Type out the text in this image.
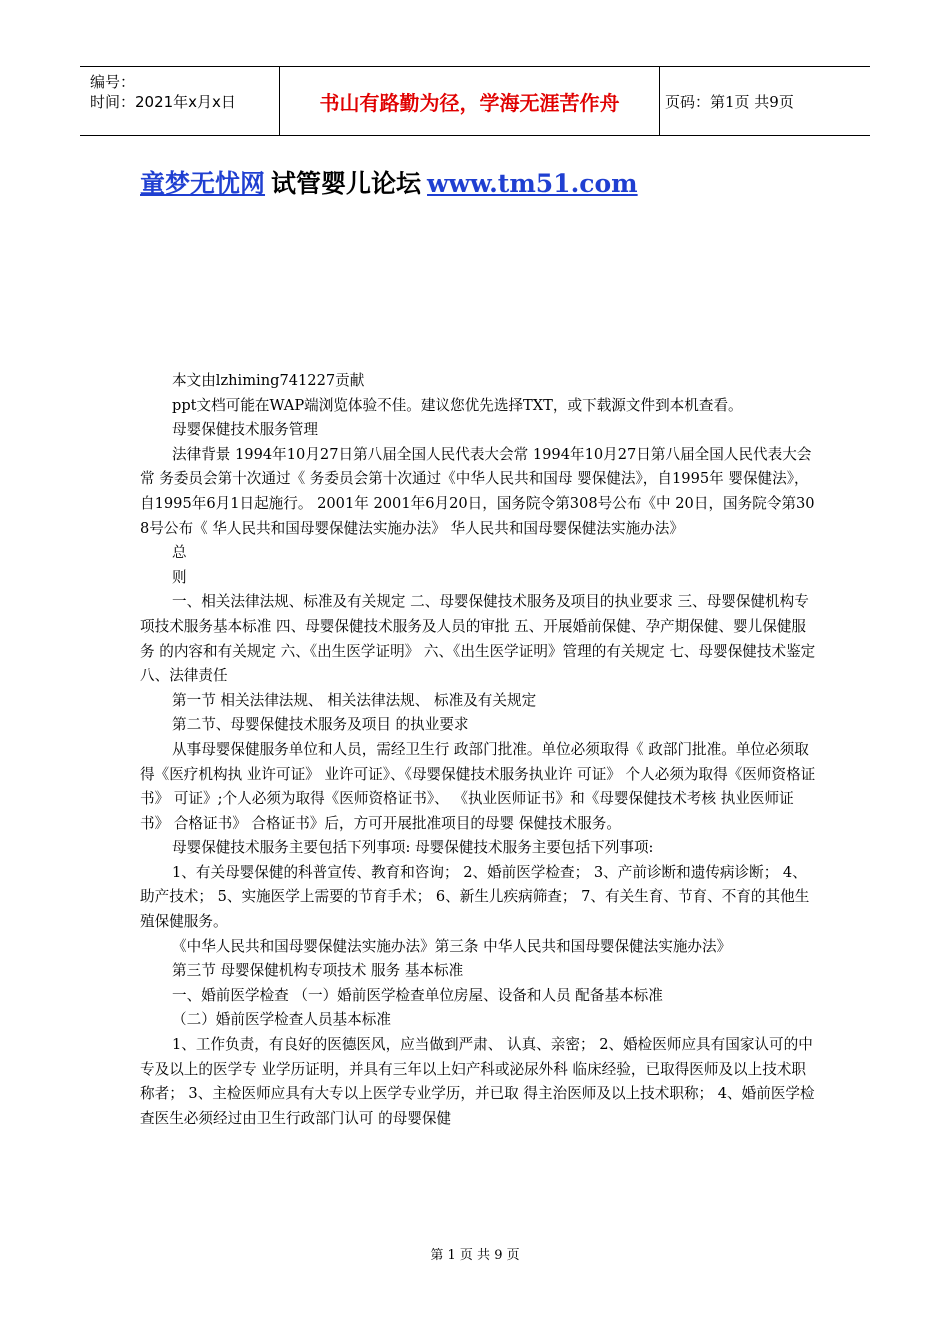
编号：
时间：2021年x月x日	书山有路勤为径，学海无涯苦作舟	页码：第1页 共9页
童梦无忧网 试管婴儿论坛 www.tm51.com

本文由lzhiming741227贡献

ppt文档可能在WAP端浏览体验不佳。建议您优先选择TXT，或下载源文件到本机查看。

母婴保健技术服务管理

法律背景 1994年10月27日第八届全国人民代表大会常 1994年10月27日第八届全国人民代表大会常 务委员会第十次通过《 务委员会第十次通过《中华人民共和国母 婴保健法》，自1995年 婴保健法》，自1995年6月1日起施行。 2001年 2001年6月20日，国务院令第308号公布《中 20日，国务院令第308号公布《 华人民共和国母婴保健法实施办法》 华人民共和国母婴保健法实施办法》

总

则

一、相关法律法规、标准及有关规定 二、母婴保健技术服务及项目的执业要求 三、母婴保健机构专项技术服务基本标准 四、母婴保健技术服务及人员的审批 五、开展婚前保健、孕产期保健、婴儿保健服务 的内容和有关规定 六、《出生医学证明》 六、《出生医学证明》管理的有关规定 七、母婴保健技术鉴定 八、法律责任

第一节 相关法律法规、 相关法律法规、 标准及有关规定

第二节、母婴保健技术服务及项目 的执业要求

从事母婴保健服务单位和人员，需经卫生行 政部门批准。单位必须取得《 政部门批准。单位必须取得《医疗机构执 业许可证》 业许可证》、《母婴保健技术服务执业许 可证》 个人必须为取得《医师资格证书》 可证》;个人必须为取得《医师资格证书》、 《执业医师证书》和《母婴保健技术考核 执业医师证书》 合格证书》 合格证书》后，方可开展批准项目的母婴 保健技术服务。

母婴保健技术服务主要包括下列事项: 母婴保健技术服务主要包括下列事项:

1、有关母婴保健的科普宣传、教育和咨询； 2、婚前医学检查； 3、产前诊断和遗传病诊断； 4、助产技术； 5、实施医学上需要的节育手术； 6、新生儿疾病筛查； 7、有关生育、节育、不育的其他生殖保健服务。

《中华人民共和国母婴保健法实施办法》第三条 中华人民共和国母婴保健法实施办法》

第三节 母婴保健机构专项技术 服务 基本标准

一、婚前医学检查 （一）婚前医学检查单位房屋、设备和人员 配备基本标准

（二）婚前医学检查人员基本标准

1、工作负责，有良好的医德医风，应当做到严肃、 认真、亲密； 2、婚检医师应具有国家认可的中专及以上的医学专 业学历证明，并具有三年以上妇产科或泌尿外科 临床经验，已取得医师及以上技术职称者； 3、主检医师应具有大专以上医学专业学历，并已取 得主治医师及以上技术职称； 4、婚前医学检查医生必须经过由卫生行政部门认可 的母婴保健

第 1 页 共 9 页
